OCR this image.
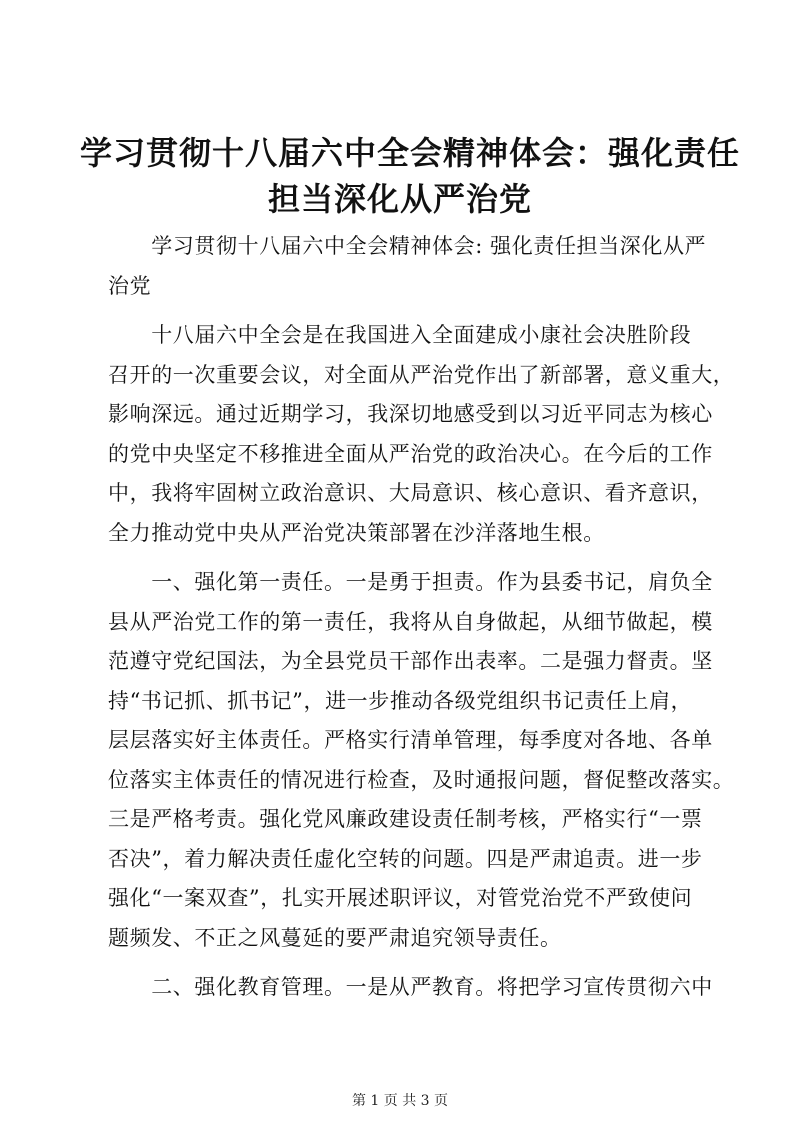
学习贯彻十八届六中全会精神体会：强化责任
担当深化从严治党
　　学习贯彻十八届六中全会精神体会: 强化责任担当深化从严
治党
　　十八届六中全会是在我国进入全面建成小康社会决胜阶段
召开的一次重要会议，对全面从严治党作出了新部署，意义重大，
影响深远。通过近期学习，我深切地感受到以习近平同志为核心
的党中央坚定不移推进全面从严治党的政治决心。在今后的工作
中，我将牢固树立政治意识、大局意识、核心意识、看齐意识，
全力推动党中央从严治党决策部署在沙洋落地生根。
　　一、强化第一责任。一是勇于担责。作为县委书记，肩负全
县从严治党工作的第一责任，我将从自身做起，从细节做起，模
范遵守党纪国法，为全县党员干部作出表率。二是强力督责。坚
持“书记抓、抓书记”，进一步推动各级党组织书记责任上肩，
层层落实好主体责任。严格实行清单管理，每季度对各地、各单
位落实主体责任的情况进行检查，及时通报问题，督促整改落实。
三是严格考责。强化党风廉政建设责任制考核，严格实行“一票
否决”，着力解决责任虚化空转的问题。四是严肃追责。进一步
强化“一案双查”，扎实开展述职评议，对管党治党不严致使问
题频发、不正之风蔓延的要严肃追究领导责任。
　　二、强化教育管理。一是从严教育。将把学习宣传贯彻六中
第 1 页 共 3 页
